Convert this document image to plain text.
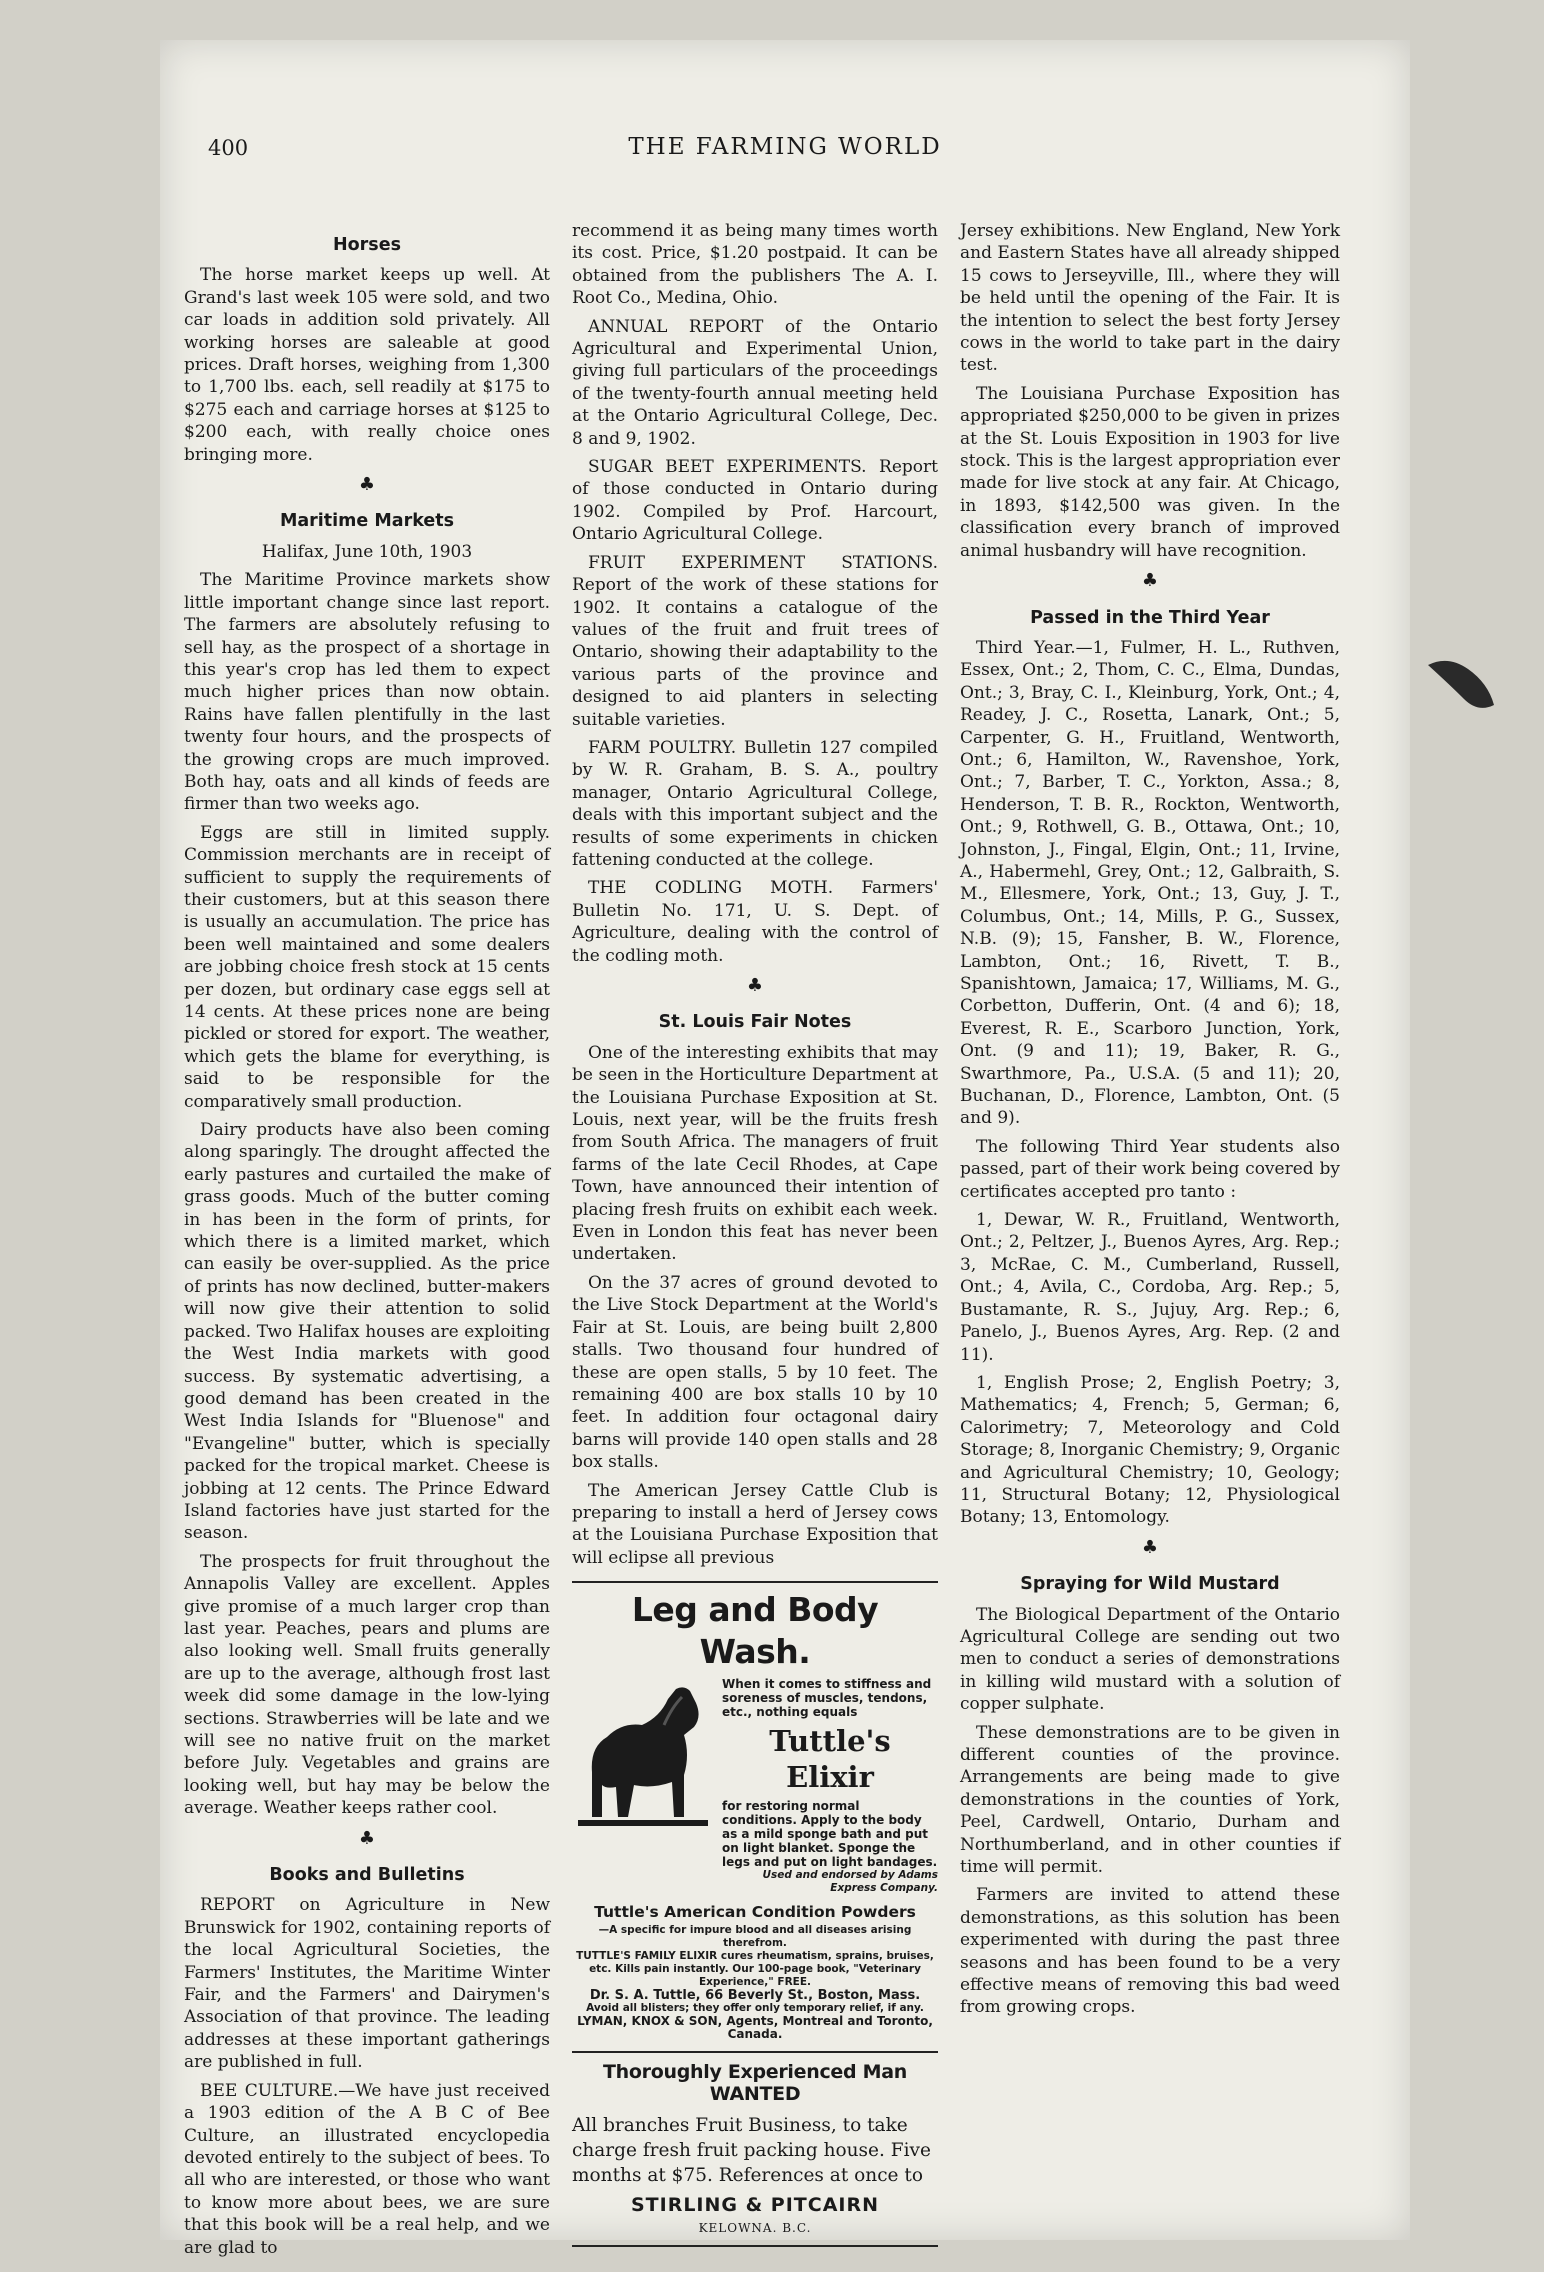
400	THE FARMING WORLD
Horses

The horse market keeps up well. At Grand's last week 105 were sold, and two car loads in addition sold privately. All working horses are saleable at good prices. Draft horses, weighing from 1,300 to 1,700 lbs. each, sell readily at $175 to $275 each and carriage horses at $125 to $200 each, with really choice ones bringing more.

♣
Maritime Markets

Halifax, June 10th, 1903

The Maritime Province markets show little important change since last report. The farmers are absolutely refusing to sell hay, as the prospect of a shortage in this year's crop has led them to expect much higher prices than now obtain. Rains have fallen plentifully in the last twenty four hours, and the prospects of the growing crops are much improved. Both hay, oats and all kinds of feeds are firmer than two weeks ago.

Eggs are still in limited supply. Commission merchants are in receipt of sufficient to supply the requirements of their customers, but at this season there is usually an accumulation. The price has been well maintained and some dealers are jobbing choice fresh stock at 15 cents per dozen, but ordinary case eggs sell at 14 cents. At these prices none are being pickled or stored for export. The weather, which gets the blame for everything, is said to be responsible for the comparatively small production.

Dairy products have also been coming along sparingly. The drought affected the early pastures and curtailed the make of grass goods. Much of the butter coming in has been in the form of prints, for which there is a limited market, which can easily be over-supplied. As the price of prints has now declined, butter-makers will now give their attention to solid packed. Two Halifax houses are exploiting the West India markets with good success. By systematic advertising, a good demand has been created in the West India Islands for "Bluenose" and "Evangeline" butter, which is specially packed for the tropical market. Cheese is jobbing at 12 cents. The Prince Edward Island factories have just started for the season.

The prospects for fruit throughout the Annapolis Valley are excellent. Apples give promise of a much larger crop than last year. Peaches, pears and plums are also looking well. Small fruits generally are up to the average, although frost last week did some damage in the low-lying sections. Strawberries will be late and we will see no native fruit on the market before July. Vegetables and grains are looking well, but hay may be below the average. Weather keeps rather cool.

♣
Books and Bulletins

REPORT on Agriculture in New Brunswick for 1902, containing reports of the local Agricultural Societies, the Farmers' Institutes, the Maritime Winter Fair, and the Farmers' and Dairymen's Association of that province. The leading addresses at these important gatherings are published in full.

BEE CULTURE.—We have just received a 1903 edition of the A B C of Bee Culture, an illustrated encyclopedia devoted entirely to the subject of bees. To all who are interested, or those who want to know more about bees, we are sure that this book will be a real help, and we are glad to

recommend it as being many times worth its cost. Price, $1.20 postpaid. It can be obtained from the publishers The A. I. Root Co., Medina, Ohio.

ANNUAL REPORT of the Ontario Agricultural and Experimental Union, giving full particulars of the proceedings of the twenty-fourth annual meeting held at the Ontario Agricultural College, Dec. 8 and 9, 1902.

SUGAR BEET EXPERIMENTS. Report of those conducted in Ontario during 1902. Compiled by Prof. Harcourt, Ontario Agricultural College.

FRUIT EXPERIMENT STATIONS. Report of the work of these stations for 1902. It contains a catalogue of the values of the fruit and fruit trees of Ontario, showing their adaptability to the various parts of the province and designed to aid planters in selecting suitable varieties.

FARM POULTRY. Bulletin 127 compiled by W. R. Graham, B. S. A., poultry manager, Ontario Agricultural College, deals with this important subject and the results of some experiments in chicken fattening conducted at the college.

THE CODLING MOTH. Farmers' Bulletin No. 171, U. S. Dept. of Agriculture, dealing with the control of the codling moth.

♣
St. Louis Fair Notes

One of the interesting exhibits that may be seen in the Horticulture Department at the Louisiana Purchase Exposition at St. Louis, next year, will be the fruits fresh from South Africa. The managers of fruit farms of the late Cecil Rhodes, at Cape Town, have announced their intention of placing fresh fruits on exhibit each week. Even in London this feat has never been undertaken.

On the 37 acres of ground devoted to the Live Stock Department at the World's Fair at St. Louis, are being built 2,800 stalls. Two thousand four hundred of these are open stalls, 5 by 10 feet. The remaining 400 are box stalls 10 by 10 feet. In addition four octagonal dairy barns will provide 140 open stalls and 28 box stalls.

The American Jersey Cattle Club is preparing to install a herd of Jersey cows at the Louisiana Purchase Exposition that will eclipse all previous

Leg and Body Wash.
When it comes to stiffness and soreness of muscles, tendons, etc., nothing equals
Tuttle's Elixir
for restoring normal conditions. Apply to the body as a mild sponge bath and put on light blanket. Sponge the legs and put on light bandages.
Used and endorsed by Adams Express Company.
Tuttle's American Condition Powders
—A specific for impure blood and all diseases arising therefrom.
TUTTLE'S FAMILY ELIXIR cures rheumatism, sprains, bruises, etc. Kills pain instantly. Our 100-page book, "Veterinary Experience," FREE.
Dr. S. A. Tuttle, 66 Beverly St., Boston, Mass.
Avoid all blisters; they offer only temporary relief, if any.
LYMAN, KNOX & SON, Agents, Montreal and Toronto, Canada.
Thoroughly Experienced Man WANTED
All branches Fruit Business, to take charge fresh fruit packing house. Five months at $75. References at once to
STIRLING & PITCAIRN
KELOWNA. B.C.

Jersey exhibitions. New England, New York and Eastern States have all already shipped 15 cows to Jerseyville, Ill., where they will be held until the opening of the Fair. It is the intention to select the best forty Jersey cows in the world to take part in the dairy test.

The Louisiana Purchase Exposition has appropriated $250,000 to be given in prizes at the St. Louis Exposition in 1903 for live stock. This is the largest appropriation ever made for live stock at any fair. At Chicago, in 1893, $142,500 was given. In the classification every branch of improved animal husbandry will have recognition.

♣
Passed in the Third Year

Third Year.—1, Fulmer, H. L., Ruthven, Essex, Ont.; 2, Thom, C. C., Elma, Dundas, Ont.; 3, Bray, C. I., Kleinburg, York, Ont.; 4, Readey, J. C., Rosetta, Lanark, Ont.; 5, Carpenter, G. H., Fruitland, Wentworth, Ont.; 6, Hamilton, W., Ravenshoe, York, Ont.; 7, Barber, T. C., Yorkton, Assa.; 8, Henderson, T. B. R., Rockton, Wentworth, Ont.; 9, Rothwell, G. B., Ottawa, Ont.; 10, Johnston, J., Fingal, Elgin, Ont.; 11, Irvine, A., Habermehl, Grey, Ont.; 12, Galbraith, S. M., Ellesmere, York, Ont.; 13, Guy, J. T., Columbus, Ont.; 14, Mills, P. G., Sussex, N.B. (9); 15, Fansher, B. W., Florence, Lambton, Ont.; 16, Rivett, T. B., Spanishtown, Jamaica; 17, Williams, M. G., Corbetton, Dufferin, Ont. (4 and 6); 18, Everest, R. E., Scarboro Junction, York, Ont. (9 and 11); 19, Baker, R. G., Swarthmore, Pa., U.S.A. (5 and 11); 20, Buchanan, D., Florence, Lambton, Ont. (5 and 9).

The following Third Year students also passed, part of their work being covered by certificates accepted pro tanto :

1, Dewar, W. R., Fruitland, Wentworth, Ont.; 2, Peltzer, J., Buenos Ayres, Arg. Rep.; 3, McRae, C. M., Cumberland, Russell, Ont.; 4, Avila, C., Cordoba, Arg. Rep.; 5, Bustamante, R. S., Jujuy, Arg. Rep.; 6, Panelo, J., Buenos Ayres, Arg. Rep. (2 and 11).

1, English Prose; 2, English Poetry; 3, Mathematics; 4, French; 5, German; 6, Calorimetry; 7, Meteorology and Cold Storage; 8, Inorganic Chemistry; 9, Organic and Agricultural Chemistry; 10, Geology; 11, Structural Botany; 12, Physiological Botany; 13, Entomology.

♣
Spraying for Wild Mustard

The Biological Department of the Ontario Agricultural College are sending out two men to conduct a series of demonstrations in killing wild mustard with a solution of copper sulphate.

These demonstrations are to be given in different counties of the province. Arrangements are being made to give demonstrations in the counties of York, Peel, Cardwell, Ontario, Durham and Northumberland, and in other counties if time will permit.

Farmers are invited to attend these demonstrations, as this solution has been experimented with during the past three seasons and has been found to be a very effective means of removing this bad weed from growing crops.
